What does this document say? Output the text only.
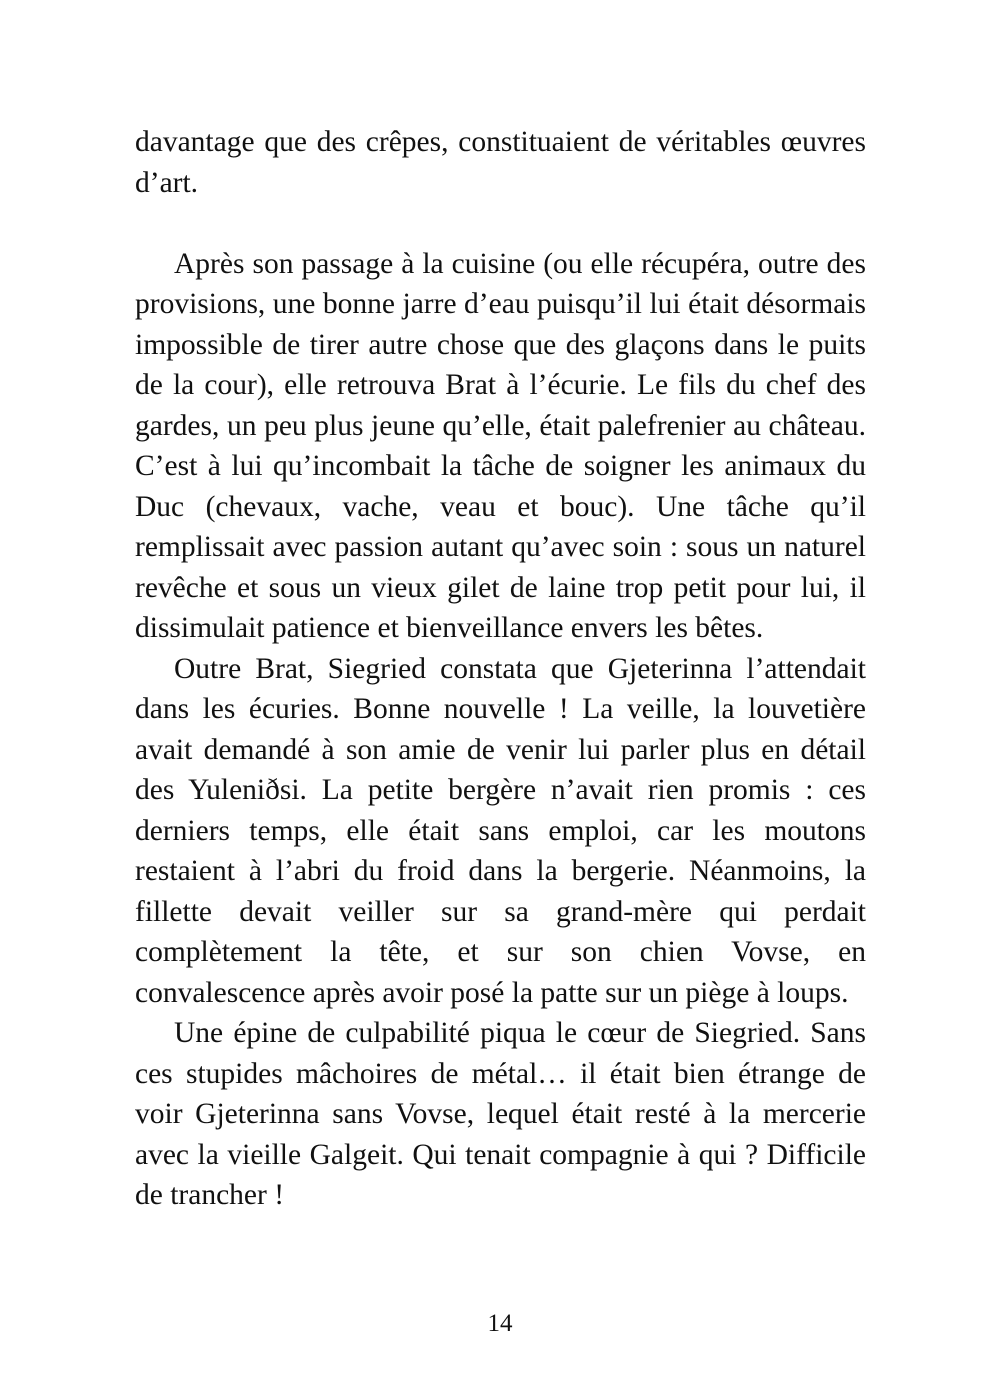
davantage que des crêpes, constituaient de véritables œuvres d’art.

Après son passage à la cuisine (ou elle récupéra, outre des provisions, une bonne jarre d’eau puisqu’il lui était désormais impossible de tirer autre chose que des glaçons dans le puits de la cour), elle retrouva Brat à l’écurie. Le fils du chef des gardes, un peu plus jeune qu’elle, était palefrenier au château. C’est à lui qu’incombait la tâche de soigner les animaux du Duc (chevaux, vache, veau et bouc). Une tâche qu’il remplissait avec passion autant qu’avec soin : sous un naturel revêche et sous un vieux gilet de laine trop petit pour lui, il dissimulait patience et bienveillance envers les bêtes.

Outre Brat, Siegried constata que Gjeterinna l’attendait dans les écuries. Bonne nouvelle ! La veille, la louvetière avait demandé à son amie de venir lui parler plus en détail des Yuleniðsi. La petite bergère n’avait rien promis : ces derniers temps, elle était sans emploi, car les moutons restaient à l’abri du froid dans la bergerie. Néanmoins, la fillette devait veiller sur sa grand-mère qui perdait complètement la tête, et sur son chien Vovse, en convalescence après avoir posé la patte sur un piège à loups.

Une épine de culpabilité piqua le cœur de Siegried. Sans ces stupides mâchoires de métal… il était bien étrange de voir Gjeterinna sans Vovse, lequel était resté à la mercerie avec la vieille Galgeit. Qui tenait compagnie à qui ? Difficile de trancher !

14
